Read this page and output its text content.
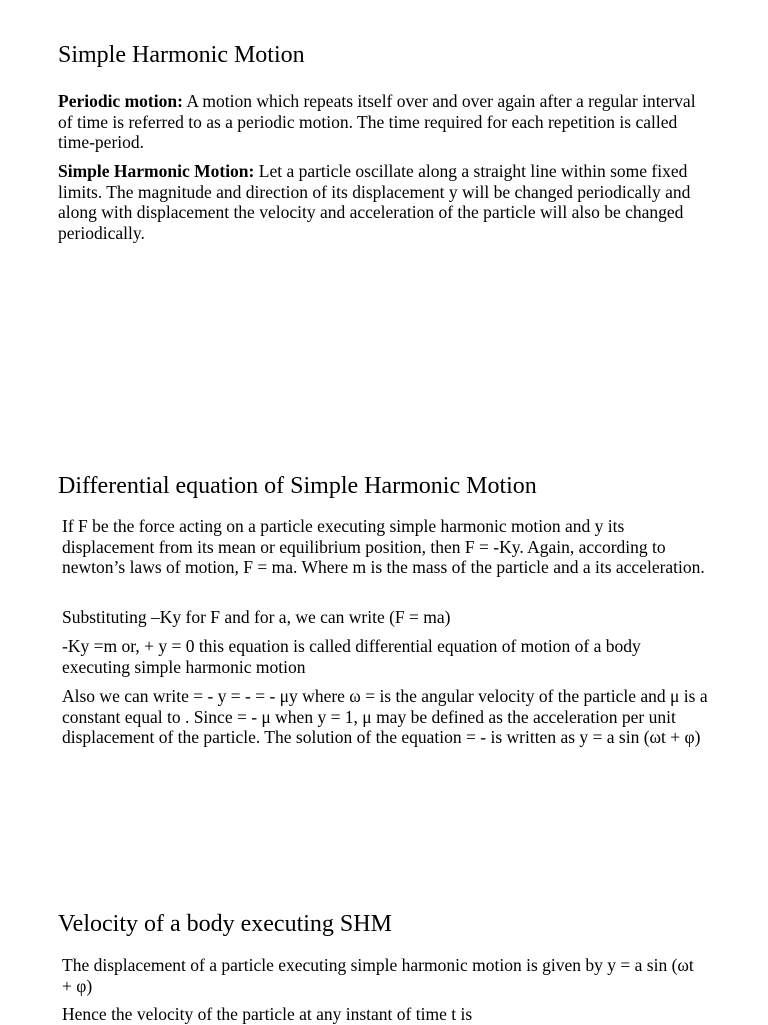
Simple Harmonic Motion

Periodic motion: A motion which repeats itself over and over again after a regular interval of time is referred to as a periodic motion. The time required for each repetition is called time-period.

Simple Harmonic Motion: Let a particle oscillate along a straight line within some fixed limits. The magnitude and direction of its displacement y will be changed periodically and along with displacement the velocity and acceleration of the particle will also be changed periodically.

Differential equation of Simple Harmonic Motion

If F be the force acting on a particle executing simple harmonic motion and y its displacement from its mean or equilibrium position, then F = -Ky. Again, according to newton’s laws of motion, F = ma. Where m is the mass of the particle and a its acceleration.

Substituting –Ky for F and for a, we can write (F = ma)

-Ky =m or, + y = 0 this equation is called differential equation of motion of a body executing simple harmonic motion

Also we can write = - y = - = - μy where ω = is the angular velocity of the particle and μ is a constant equal to . Since = - μ when y = 1, μ may be defined as the acceleration per unit displacement of the particle. The solution of the equation = - is written as y = a sin (ωt + φ)

Velocity of a body executing SHM

The displacement of a particle executing simple harmonic motion is given by y = a sin (ωt + φ)

Hence the velocity of the particle at any instant of time t is
